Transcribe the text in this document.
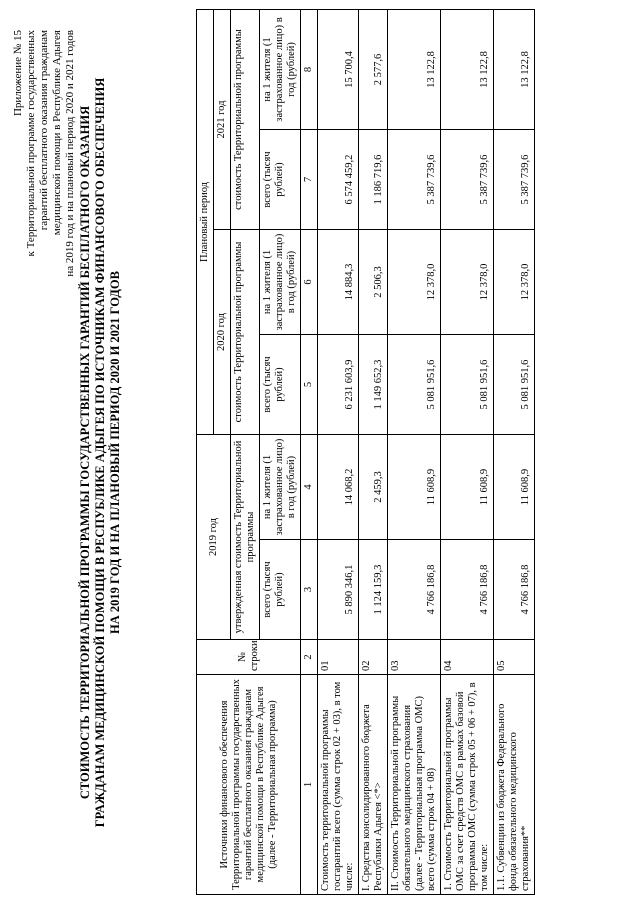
Приложение № 15 к Территориальной программе государственных гарантий бесплатного оказания гражданам медицинской помощи в Республике Адыгея на 2019 год и на плановый период 2020 и 2021 годов СТОИМОСТЬ ТЕРРИТОРИАЛЬНОЙ ПРОГРАММЫ ГОСУДАРСТВЕННЫХ ГАРАНТИЙ БЕСПЛАТНОГО ОКАЗАНИЯ ГРАЖДАНАМ МЕДИЦИНСКОЙ ПОМОЩИ В РЕСПУБЛИКЕ АДЫГЕЯ ПО ИСТОЧНИКАМ ФИНАНСОВОГО ОБЕСПЕЧЕНИЯ НА 2019 ГОД И НА ПЛАНОВЫЙ ПЕРИОД 2020 И 2021 ГОДОВ
Источники финансового обеспечения Территориальной программы государственных гарантий бесплатного оказания гражданам медицинской помощи в Республике Адыгея (далее - Территориальная программа)	№ строки	2019 год		Плановый период			
				2020 год		2021 год	
		утвержденная стоимость Территориальной программы		стоимость Территориальной программы		стоимость Территориальной программы	
		всего (тысяч рублей)	на 1 жителя (1 застрахованное лицо) в год (рублей)	всего (тысяч рублей)	на 1 жителя (1 застрахованное лицо) в год (рублей)	всего (тысяч рублей)	на 1 жителя (1 застрахованное лицо) в год (рублей)
1	2	3	4	5	6	7	8
Стоимость территориальной программы госгарантий всего (сумма строк 02 + 03), в том числе:	01	5 890 346,1	14 068,2	6 231 603,9	14 884,3	6 574 459,2	15 700,4
I. Средства консолидированного бюджета Республики Адыгея <*>	02	1 124 159,3	2 459,3	1 149 652,3	2 506,3	1 186 719,6	2 577,6
II. Стоимость Территориальной программы обязательного медицинского страхования (далее - Территориальная программа ОМС) всего (сумма строк 04 + 08)	03	4 766 186,8	11 608,9	5 081 951,6	12 378,0	5 387 739,6	13 122,8
1. Стоимость Территориальной программы ОМС за счет средств ОМС в рамках базовой программы ОМС (сумма строк 05 + 06 + 07), в том числе:	04	4 766 186,8	11 608,9	5 081 951,6	12 378,0	5 387 739,6	13 122,8
1.1. Субвенции из бюджета Федерального фонда обязательного медицинского страхования**	05	4 766 186,8	11 608,9	5 081 951,6	12 378,0	5 387 739,6	13 122,8
